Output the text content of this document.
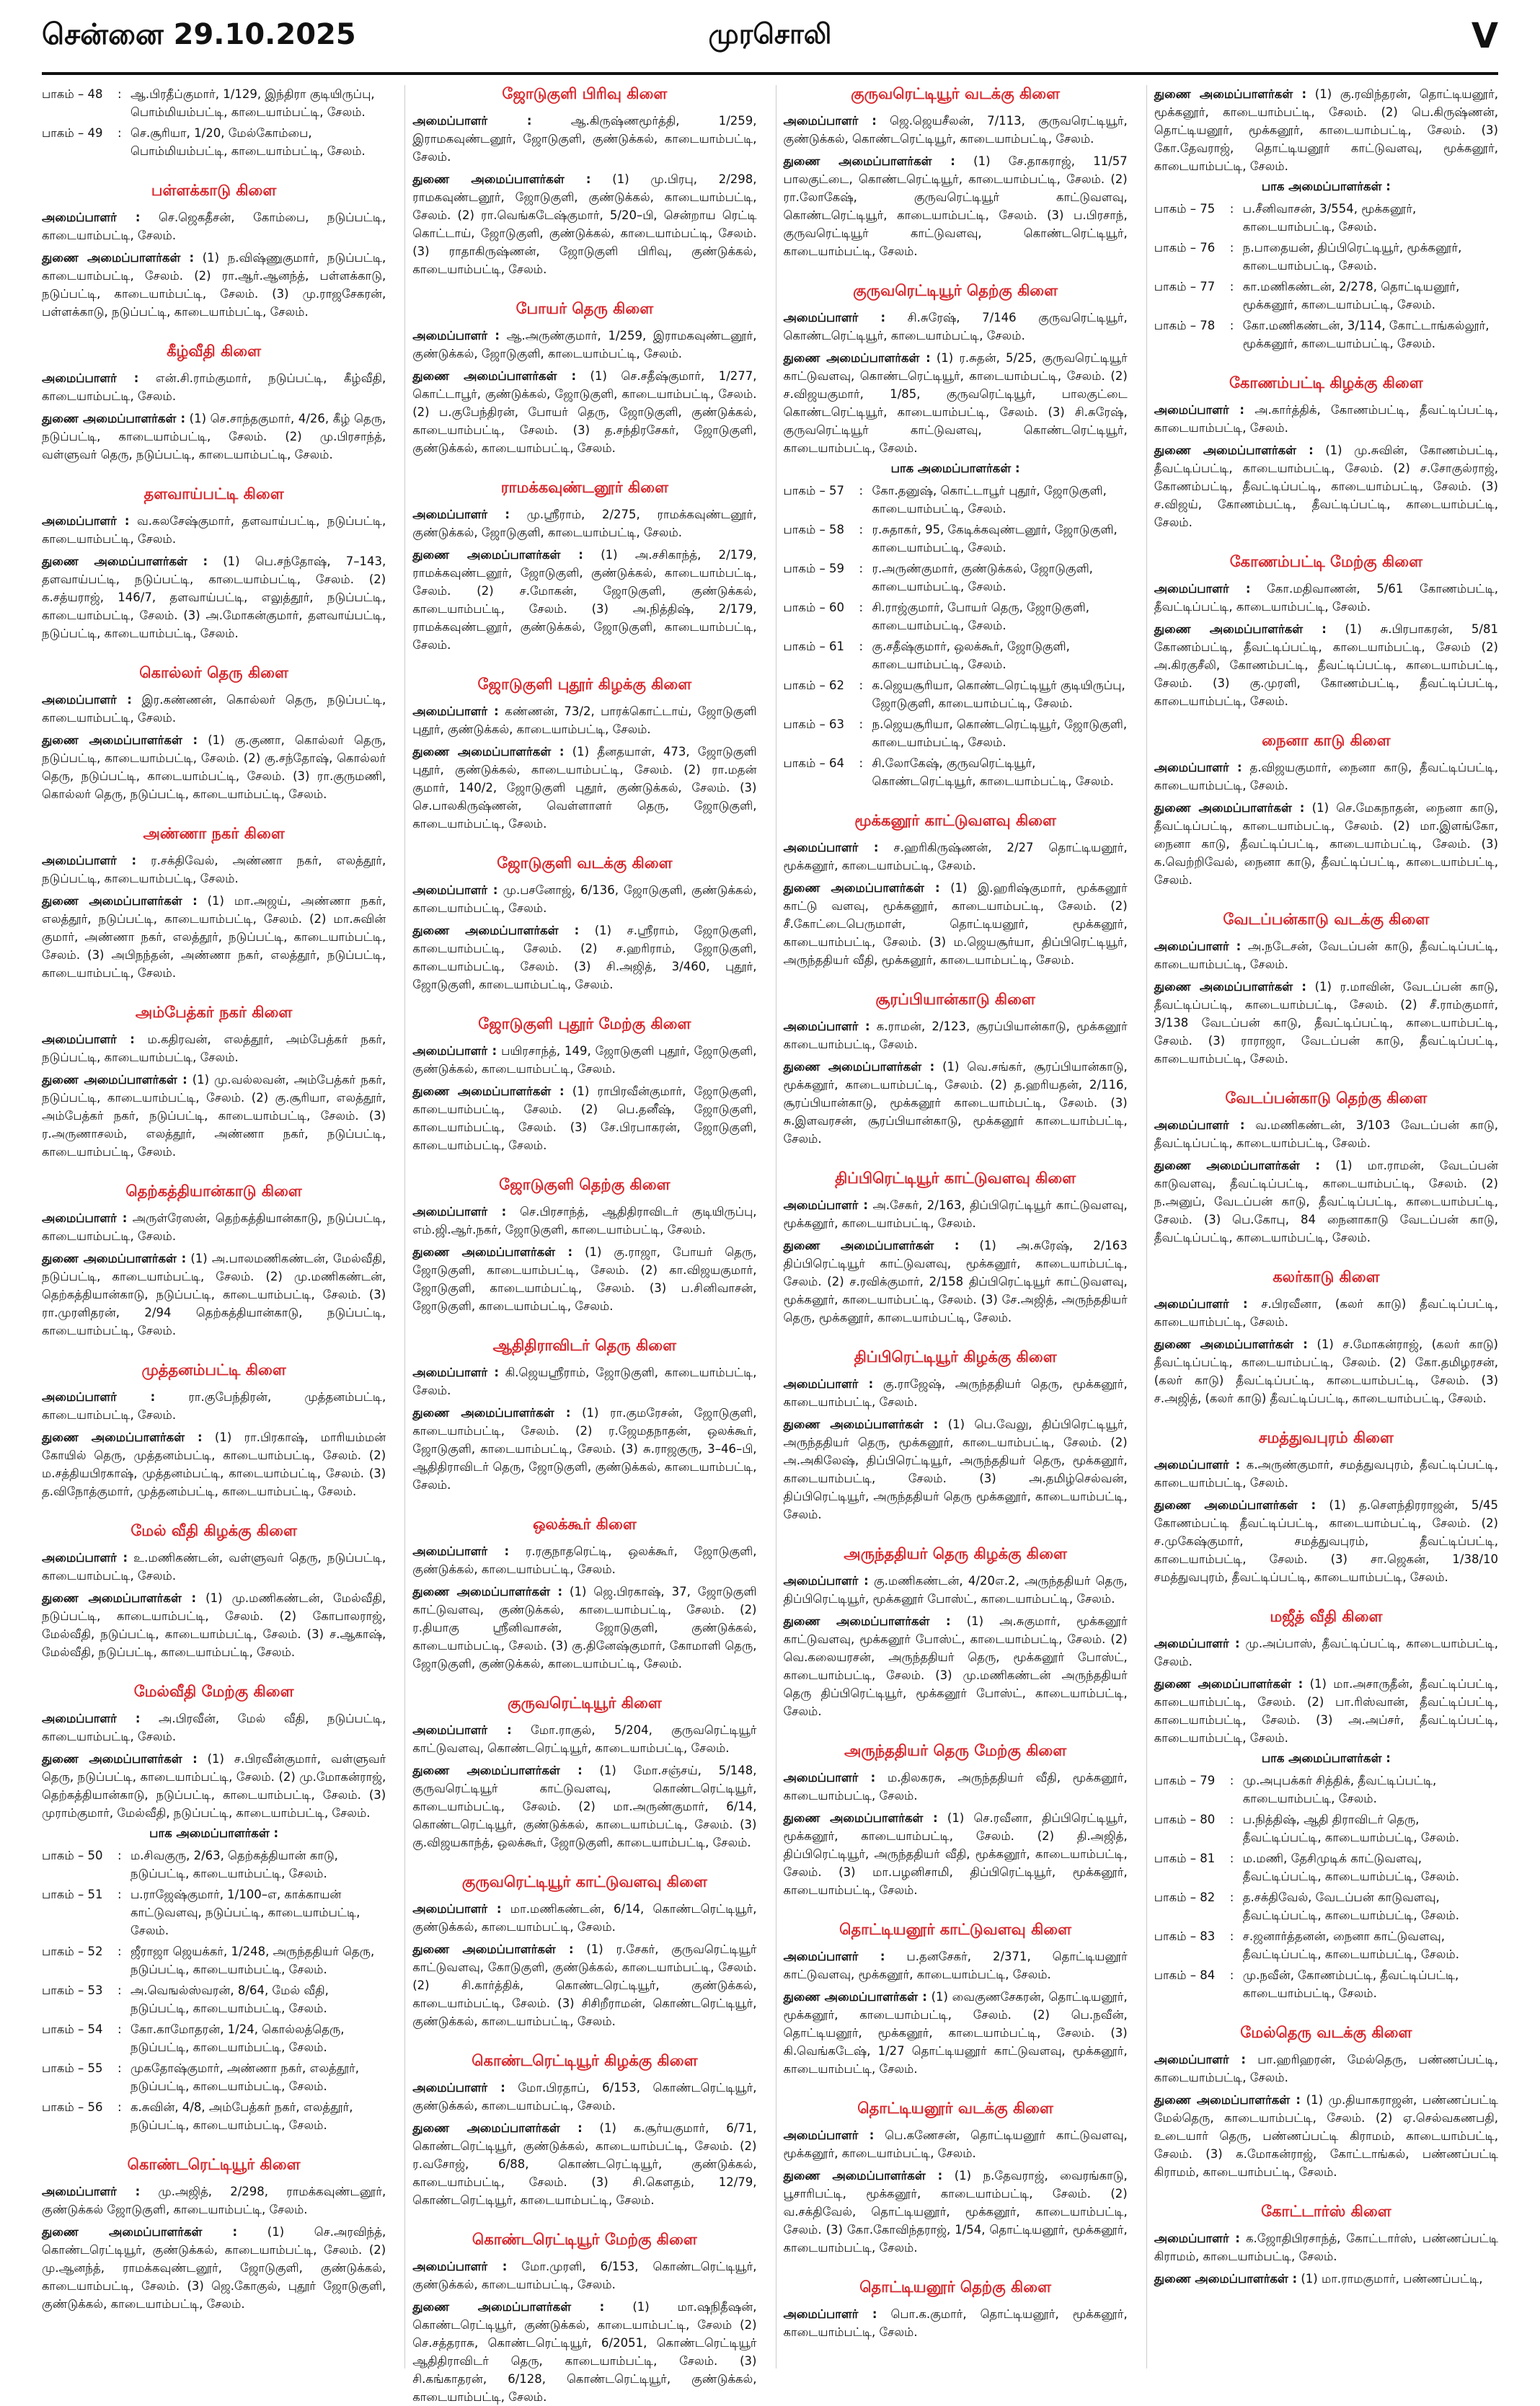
சென்னை 29.10.2025	முரசொலி	V
பாகம் – 48	: ஆ.பிரதீப்குமார், 1/129, இந்திரா குடியிருப்பு, பொம்மியம்பட்டி, காடையாம்பட்டி, சேலம்.
பாகம் – 49	: செ.சூரியா, 1/20, மேல்கோம்பை, பொம்மியம்பட்டி, காடையாம்பட்டி, சேலம்.
பள்ளக்காடு கிளை
அமைப்பாளர் : செ.ஜெகதீசன், கோம்பை, நடுப்பட்டி, காடையாம்பட்டி, சேலம்.
துணை அமைப்பாளர்கள் : (1) ந.விஷ்ணுகுமார், நடுப்பட்டி, காடையாம்பட்டி, சேலம். (2) ரா.ஆர்.ஆனந்த், பள்ளக்காடு, நடுப்பட்டி, காடையாம்பட்டி, சேலம். (3) மு.ராஜசேகரன், பள்ளக்காடு, நடுப்பட்டி, காடையாம்பட்டி, சேலம்.
கீழ்வீதி கிளை
அமைப்பாளர் : என்.சி.ராம்குமார், நடுப்பட்டி, கீழ்வீதி, காடையாம்பட்டி, சேலம்.
துணை அமைப்பாளர்கள் : (1) செ.சாந்தகுமார், 4/26, கீழ் தெரு, நடுப்பட்டி, காடையாம்பட்டி, சேலம். (2) மு.பிரசாந்த், வள்ளுவர் தெரு, நடுப்பட்டி, காடையாம்பட்டி, சேலம்.
தளவாய்பட்டி கிளை
அமைப்பாளர் : வ.கலசேஷ்குமார், தளவாய்பட்டி, நடுப்பட்டி, காடையாம்பட்டி, சேலம்.
துணை அமைப்பாளர்கள் : (1) பெ.சந்தோஷ், 7–143, தளவாய்பட்டி, நடுப்பட்டி, காடையாம்பட்டி, சேலம். (2) க.சத்யராஜ், 146/7, தளவாய்பட்டி, எலுத்தூர், நடுப்பட்டி, காடையாம்பட்டி, சேலம். (3) அ.மோகன்குமார், தளவாய்பட்டி, நடுப்பட்டி, காடையாம்பட்டி, சேலம்.
கொல்லர் தெரு கிளை
அமைப்பாளர் : இர.கண்ணன், கொல்லர் தெரு, நடுப்பட்டி, காடையாம்பட்டி, சேலம்.
துணை அமைப்பாளர்கள் : (1) கு.குணா, கொல்லர் தெரு, நடுப்பட்டி, காடையாம்பட்டி, சேலம். (2) கு.சந்தோஷ், கொல்லர் தெரு, நடுப்பட்டி, காடையாம்பட்டி, சேலம். (3) ரா.குருமணி, கொல்லர் தெரு, நடுப்பட்டி, காடையாம்பட்டி, சேலம்.
அண்ணா நகர் கிளை
அமைப்பாளர் : ர.சக்திவேல், அண்ணா நகர், எலத்தூர், நடுப்பட்டி, காடையாம்பட்டி, சேலம்.
துணை அமைப்பாளர்கள் : (1) மா.அஜய், அண்ணா நகர், எலத்தூர், நடுப்பட்டி, காடையாம்பட்டி, சேலம். (2) மா.சுவின் குமார், அண்ணா நகர், எலத்தூர், நடுப்பட்டி, காடையாம்பட்டி, சேலம். (3) அபிநந்தன், அண்ணா நகர், எலத்தூர், நடுப்பட்டி, காடையாம்பட்டி, சேலம்.
அம்பேத்கர் நகர் கிளை
அமைப்பாளர் : ம.கதிரவன், எலத்தூர், அம்பேத்கர் நகர், நடுப்பட்டி, காடையாம்பட்டி, சேலம்.
துணை அமைப்பாளர்கள் : (1) மு.வல்லவன், அம்பேத்கர் நகர், நடுப்பட்டி, காடையாம்பட்டி, சேலம். (2) கு.சூரியா, எலத்தூர், அம்பேத்கர் நகர், நடுப்பட்டி, காடையாம்பட்டி, சேலம். (3) ர.அருணாசலம், எலத்தூர், அண்ணா நகர், நடுப்பட்டி, காடையாம்பட்டி, சேலம்.
தெற்கத்தியான்காடு கிளை
அமைப்பாளர் : அருள்ரேஸன், தெற்கத்தியான்காடு, நடுப்பட்டி, காடையாம்பட்டி, சேலம்.
துணை அமைப்பாளர்கள் : (1) அ.பாலமணிகண்டன், மேல்வீதி, நடுப்பட்டி, காடையாம்பட்டி, சேலம். (2) மு.மணிகண்டன், தெற்கத்தியான்காடு, நடுப்பட்டி, காடையாம்பட்டி, சேலம். (3) ரா.முரளிதரன், 2/94 தெற்கத்தியான்காடு, நடுப்பட்டி, காடையாம்பட்டி, சேலம்.
முத்தனம்பட்டி கிளை
அமைப்பாளர் :	ரா.குபேந்திரன், முத்தனம்பட்டி, காடையாம்பட்டி, சேலம்.
துணை அமைப்பாளர்கள் : (1) ரா.பிரகாஷ், மாரியம்மன் கோயில் தெரு, முத்தனம்பட்டி, காடையாம்பட்டி, சேலம். (2) ம.சத்தியபிரகாஷ், முத்தனம்பட்டி, காடையாம்பட்டி, சேலம். (3) த.விநோத்குமார், முத்தனம்பட்டி, காடையாம்பட்டி, சேலம்.
மேல் வீதி கிழக்கு கிளை
அமைப்பாளர் : உ.மணிகண்டன், வள்ளுவர் தெரு, நடுப்பட்டி, காடையாம்பட்டி, சேலம்.
துணை அமைப்பாளர்கள் : (1) மு.மணிகண்டன், மேல்வீதி, நடுப்பட்டி, காடையாம்பட்டி, சேலம். (2) கோபாலராஜ், மேல்வீதி, நடுப்பட்டி, காடையாம்பட்டி, சேலம். (3) ச.ஆகாஷ், மேல்வீதி, நடுப்பட்டி, காடையாம்பட்டி, சேலம்.
மேல்வீதி மேற்கு கிளை
அமைப்பாளர் : அ.பிரவீன், மேல் வீதி, நடுப்பட்டி, காடையாம்பட்டி, சேலம்.
துணை அமைப்பாளர்கள் : (1) ச.பிரவீன்குமார், வள்ளுவர் தெரு, நடுப்பட்டி, காடையாம்பட்டி, சேலம். (2) மு.மோகன்ராஜ், தெற்கத்தியான்காடு, நடுப்பட்டி, காடையாம்பட்டி, சேலம். (3) முராம்குமார், மேல்வீதி, நடுப்பட்டி, காடையாம்பட்டி, சேலம்.
பாக அமைப்பாளர்கள் :
பாகம் – 50	: ம.சிவகுரு, 2/63, தெற்கத்தியான் காடு, நடுப்பட்டி, காடையாம்பட்டி, சேலம்.
பாகம் – 51	: ப.ராஜேஷ்குமார், 1/100–எ, காக்காயன் காட்டுவளவு, நடுப்பட்டி, காடையாம்பட்டி, சேலம்.
பாகம் – 52	: ஜீராஜா ஜெயக்கர், 1/248, அருந்ததியர் தெரு, நடுப்பட்டி, காடையாம்பட்டி, சேலம்.
பாகம் – 53	: அ.வெஙல்ஸ்வரன், 8/64, மேல் வீதி, நடுப்பட்டி, காடையாம்பட்டி, சேலம்.
பாகம் – 54	: கோ.காமோதரன், 1/24, கொல்லத்தெரு, நடுப்பட்டி, காடையாம்பட்டி, சேலம்.
பாகம் – 55	: முகதோஷ்குமார், அண்ணா நகர், எலத்தூர், நடுப்பட்டி, காடையாம்பட்டி, சேலம்.
பாகம் – 56	: க.சுவின், 4/8, அம்பேத்கர் நகர், எலத்தூர், நடுப்பட்டி, காடையாம்பட்டி, சேலம்.
கொண்டரெட்டியூர் கிளை
அமைப்பாளர் : மு.அஜித், 2/298, ராமக்கவுண்டனூர், குண்டுக்கல் ஜோடுகுளி, காடையாம்பட்டி, சேலம்.
துணை அமைப்பாளர்கள் :	(1) செ.அரவிந்த், கொண்டரெட்டியூர், குண்டுக்கல், காடையாம்பட்டி, சேலம். (2) மு.ஆனந்த், ராமக்கவுண்டனூர், ஜோடுகுளி, குண்டுக்கல், காடையாம்பட்டி, சேலம். (3) ஜெ.கோகுல், புதூர் ஜோடுகுளி, குண்டுக்கல், காடையாம்பட்டி, சேலம்.
ஜோடுகுளி பிரிவு கிளை
அமைப்பாளர் :	ஆ.கிருஷ்ணமூர்த்தி, 1/259, இராமகவுண்டனூர், ஜோடுகுளி, குண்டுக்கல், காடையாம்பட்டி, சேலம்.
துணை அமைப்பாளர்கள் : (1) மு.பிரபு, 2/298, ராமகவுண்டனூர், ஜோடுகுளி, குண்டுக்கல், காடையாம்பட்டி, சேலம். (2) ரா.வெங்கடேஷ்குமார், 5/20–பி, சென்றாய ரெட்டி கொட்டாய், ஜோடுகுளி, குண்டுக்கல், காடையாம்பட்டி, சேலம். (3) ராதாகிருஷ்ணன், ஜோடுகுளி பிரிவு, குண்டுக்கல், காடையாம்பட்டி, சேலம்.
போயர் தெரு கிளை
அமைப்பாளர் : ஆ.அருண்குமார், 1/259, இராமகவுண்டனூர், குண்டுக்கல், ஜோடுகுளி, காடையாம்பட்டி, சேலம்.
துணை அமைப்பாளர்கள் : (1) செ.சதீஷ்குமார், 1/277, கொட்டாபூர், குண்டுக்கல், ஜோடுகுளி, காடையாம்பட்டி, சேலம். (2) ப.குபேந்திரன், போயர் தெரு, ஜோடுகுளி, குண்டுக்கல், காடையாம்பட்டி, சேலம். (3) த.சந்திரசேகர், ஜோடுகுளி, குண்டுக்கல், காடையாம்பட்டி, சேலம்.
ராமக்கவுண்டனூர் கிளை
அமைப்பாளர் : மு.ஸ்ரீராம், 2/275, ராமக்கவுண்டனூர், குண்டுக்கல், ஜோடுகுளி, காடையாம்பட்டி, சேலம்.
துணை அமைப்பாளர்கள் : (1) அ.சசிகாந்த், 2/179, ராமக்கவுண்டனூர், ஜோடுகுளி, குண்டுக்கல், காடையாம்பட்டி, சேலம். (2) ச.மோகன், ஜோடுகுளி, குண்டுக்கல், காடையாம்பட்டி, சேலம். (3) அ.நித்திஷ், 2/179, ராமக்கவுண்டனூர், குண்டுக்கல், ஜோடுகுளி, காடையாம்பட்டி, சேலம்.
ஜோடுகுளி புதூர் கிழக்கு கிளை
அமைப்பாளர் : கண்ணன், 73/2, பாரக்கொட்டாய், ஜோடுகுளி புதூர், குண்டுக்கல், காடையாம்பட்டி, சேலம்.
துணை அமைப்பாளர்கள் : (1) தீனதயாள், 473, ஜோடுகுளி புதூர், குண்டுக்கல், காடையாம்பட்டி, சேலம். (2) ரா.மதன் குமார், 140/2, ஜோடுகுளி புதூர், குண்டுக்கல், சேலம். (3) செ.பாலகிருஷ்ணன், வெள்ளாளர் தெரு, ஜோடுகுளி, காடையாம்பட்டி, சேலம்.
ஜோடுகுளி வடக்கு கிளை
அமைப்பாளர் : மு.பசனோஜ், 6/136, ஜோடுகுளி, குண்டுக்கல், காடையாம்பட்டி, சேலம்.
துணை அமைப்பாளர்கள் : (1) ச.ஸ்ரீராம், ஜோடுகுளி, காடையாம்பட்டி, சேலம். (2) ச.ஹரிராம், ஜோடுகுளி, காடையாம்பட்டி, சேலம். (3) சி.அஜித், 3/460, புதூர், ஜோடுகுளி, காடையாம்பட்டி, சேலம்.
ஜோடுகுளி புதூர் மேற்கு கிளை
அமைப்பாளர் : பயிரசாந்த், 149, ஜோடுகுளி புதூர், ஜோடுகுளி, குண்டுக்கல், காடையாம்பட்டி, சேலம்.
துணை அமைப்பாளர்கள் : (1) ராபிரவீன்குமார், ஜோடுகுளி, காடையாம்பட்டி, சேலம். (2) பெ.தனீஷ், ஜோடுகுளி, காடையாம்பட்டி, சேலம். (3) சே.பிரபாகரன், ஜோடுகுளி, காடையாம்பட்டி, சேலம்.
ஜோடுகுளி தெற்கு கிளை
அமைப்பாளர் : செ.பிரசாந்த், ஆதிதிராவிடர் குடியிருப்பு, எம்.ஜி.ஆர்.நகர், ஜோடுகுளி, காடையாம்பட்டி, சேலம்.
துணை அமைப்பாளர்கள் : (1) கு.ராஜா, போயர் தெரு, ஜோடுகுளி, காடையாம்பட்டி, சேலம். (2) கா.விஜயகுமார், ஜோடுகுளி, காடையாம்பட்டி, சேலம். (3) ப.சினிவாசன், ஜோடுகுளி, காடையாம்பட்டி, சேலம்.
ஆதிதிராவிடர் தெரு கிளை
அமைப்பாளர் : கி.ஜெயஸ்ரீராம், ஜோடுகுளி, காடையாம்பட்டி, சேலம்.
துணை அமைப்பாளர்கள் : (1) ரா.குமரேசன், ஜோடுகுளி, காடையாம்பட்டி, சேலம். (2) ர.ஜேமதநாதன், ஒலக்கூர், ஜோடுகுளி, காடையாம்பட்டி, சேலம். (3) சு.ராஜகுரு, 3–46–பி, ஆதிதிராவிடர் தெரு, ஜோடுகுளி, குண்டுக்கல், காடையாம்பட்டி, சேலம்.
ஒலக்கூர் கிளை
அமைப்பாளர் : ர.ரகுநாதரெட்டி, ஒலக்கூர், ஜோடுகுளி, குண்டுக்கல், காடையாம்பட்டி, சேலம்.
துணை அமைப்பாளர்கள் : (1) ஜெ.பிரகாஷ், 37, ஜோடுகுளி காட்டுவளவு, குண்டுக்கல், காடையாம்பட்டி, சேலம். (2) ர.தியாகு ஸ்ரீனிவாசன், ஜோடுகுளி, குண்டுக்கல், காடையாம்பட்டி, சேலம். (3) கு.தினேஷ்குமார், கோமாளி தெரு, ஜோடுகுளி, குண்டுக்கல், காடையாம்பட்டி, சேலம்.
குருவரெட்டியூர் கிளை
அமைப்பாளர் : மோ.ராகுல், 5/204, குருவரெட்டியூர் காட்டுவளவு, கொண்டரெட்டியூர், காடையாம்பட்டி, சேலம்.
துணை அமைப்பாளர்கள் : (1) மோ.சஞ்சய், 5/148, குருவரெட்டியூர் காட்டுவளவு, கொண்டரெட்டியூர், காடையாம்பட்டி, சேலம். (2) மா.அருண்குமார், 6/14, கொண்டரெட்டியூர், குண்டுக்கல், காடையாம்பட்டி, சேலம். (3) கு.விஜயகாந்த், ஒலக்கூர், ஜோடுகுளி, காடையாம்பட்டி, சேலம்.
குருவரெட்டியூர் காட்டுவளவு கிளை
அமைப்பாளர் : மா.மணிகண்டன், 6/14, கொண்டரெட்டியூர், குண்டுக்கல், காடையாம்பட்டி, சேலம்.
துணை அமைப்பாளர்கள் : (1) ர.சேகர், குருவரெட்டியூர் காட்டுவளவு, கோடுகுளி, குண்டுக்கல், காடையாம்பட்டி, சேலம். (2) சி.கார்த்திக், கொண்டரெட்டியூர், குண்டுக்கல், காடையாம்பட்டி, சேலம். (3) சிசிறீராமன், கொண்டரெட்டியூர், குண்டுக்கல், காடையாம்பட்டி, சேலம்.
கொண்டரெட்டியூர் கிழக்கு கிளை
அமைப்பாளர் : மோ.பிரதாப், 6/153, கொண்டரெட்டியூர், குண்டுக்கல், காடையாம்பட்டி, சேலம்.
துணை அமைப்பாளர்கள் : (1) க.சூர்யகுமார், 6/71, கொண்டரெட்டியூர், குண்டுக்கல், காடையாம்பட்டி, சேலம். (2) ர.வசோஜ், 6/88, கொண்டரெட்டியூர், குண்டுக்கல், காடையாம்பட்டி, சேலம். (3) சி.கௌதம், 12/79, கொண்டரெட்டியூர், காடையாம்பட்டி, சேலம்.
கொண்டரெட்டியூர் மேற்கு கிளை
அமைப்பாளர் : மோ.முரளி, 6/153, கொண்டரெட்டியூர், குண்டுக்கல், காடையாம்பட்டி, சேலம்.
துணை அமைப்பாளர்கள் : (1) மா.ஷநிதீஷன், கொண்டரெட்டியூர், குண்டுக்கல், காடையாம்பட்டி, சேலம் (2) செ.சத்தராசு, கொண்டரெட்டியூர், 6/2051, கொண்டரெட்டியூர் ஆதிதிராவிடர் தெரு, காடையாம்பட்டி, சேலம். (3) சி.கங்காதரன், 6/128, கொண்டரெட்டியூர், குண்டுக்கல், காடையாம்பட்டி, சேலம்.
குருவரெட்டியூர் வடக்கு கிளை
அமைப்பாளர் : ஜெ.ஜெயசீலன், 7/113, குருவரெட்டியூர், குண்டுக்கல், கொண்டரெட்டியூர், காடையாம்பட்டி, சேலம்.
துணை அமைப்பாளர்கள் : (1) சே.தாகராஜ், 11/57 பாலகுட்டை, கொண்டரெட்டியூர், காடையாம்பட்டி, சேலம். (2) ரா.லோகேஷ், குருவரெட்டியூர் காட்டுவளவு, கொண்டரெட்டியூர், காடையாம்பட்டி, சேலம். (3) ப.பிரசாந், குருவரெட்டியூர் காட்டுவளவு, கொண்டரெட்டியூர், காடையாம்பட்டி, சேலம்.
குருவரெட்டியூர் தெற்கு கிளை
அமைப்பாளர் : சி.சுரேஷ், 7/146 குருவரெட்டியூர், கொண்டரெட்டியூர், காடையாம்பட்டி, சேலம்.
துணை அமைப்பாளர்கள் : (1) ர.சுதன், 5/25, குருவரெட்டியூர் காட்டுவளவு, கொண்டரெட்டியூர், காடையாம்பட்டி, சேலம். (2) ச.விஜயகுமார், 1/85, குருவரெட்டியூர், பாலகுட்டை கொண்டரெட்டியூர், காடையாம்பட்டி, சேலம். (3) சி.சுரேஷ், குருவரெட்டியூர் காட்டுவளவு, கொண்டரெட்டியூர், காடையாம்பட்டி, சேலம்.
பாக அமைப்பாளர்கள் :
பாகம் – 57	: கோ.தனுஷ், கொட்டாபூர் புதூர், ஜோடுகுளி, காடையாம்பட்டி, சேலம்.
பாகம் – 58	: ர.சுதாகர், 95, கேடிக்கவுண்டனூர், ஜோடுகுளி, காடையாம்பட்டி, சேலம்.
பாகம் – 59	: ர.அருண்குமார், குண்டுக்கல், ஜோடுகுளி, காடையாம்பட்டி, சேலம்.
பாகம் – 60	: சி.ராஜ்குமார், போயர் தெரு, ஜோடுகுளி, காடையாம்பட்டி, சேலம்.
பாகம் – 61	: கு.சதீஷ்குமார், ஒலக்கூர், ஜோடுகுளி, காடையாம்பட்டி, சேலம்.
பாகம் – 62	: க.ஜெயசூரியா, கொண்டரெட்டியூர் குடியிருப்பு, ஜோடுகுளி, காடையாம்பட்டி, சேலம்.
பாகம் – 63	: ந.ஜெயசூரியா, கொண்டரெட்டியூர், ஜோடுகுளி, காடையாம்பட்டி, சேலம்.
பாகம் – 64	: சி.லோகேஷ், குருவரெட்டியூர், கொண்டரெட்டியூர், காடையாம்பட்டி, சேலம்.
மூக்கனூர் காட்டுவளவு கிளை
அமைப்பாளர் : ச.ஹரிகிருஷ்ணன், 2/27 தொட்டியனூர், மூக்கனூர், காடையாம்பட்டி, சேலம்.
துணை அமைப்பாளர்கள் : (1) இ.ஹரிஷ்குமார், மூக்கனூர் காட்டு வளவு, மூக்கனூர், காடையாம்பட்டி, சேலம். (2) சீ.கோட்டைபெருமாள், தொட்டியனூர், மூக்கனூர், காடையாம்பட்டி, சேலம். (3) ம.ஜெயசூர்யா, திப்பிரெட்டியூர், அருந்ததியர் வீதி, மூக்கனூர், காடையாம்பட்டி, சேலம்.
சூரப்பியான்காடு கிளை
அமைப்பாளர் : க.ராமன், 2/123, சூரப்பியான்காடு, மூக்கனூர் காடையாம்பட்டி, சேலம்.
துணை அமைப்பாளர்கள் : (1) வெ.சங்கர், சூரப்பியான்காடு, மூக்கனூர், காடையாம்பட்டி, சேலம். (2) த.ஹரியதன், 2/116, சூரப்பியான்காடு, மூக்கனூர் காடையாம்பட்டி, சேலம். (3) சு.இளவரசன், சூரப்பியான்காடு, மூக்கனூர் காடையாம்பட்டி, சேலம்.
திப்பிரெட்டியூர் காட்டுவளவு கிளை
அமைப்பாளர் : அ.சேகர், 2/163, திப்பிரெட்டியூர் காட்டுவளவு, மூக்கனூர், காடையாம்பட்டி, சேலம்.
துணை அமைப்பாளர்கள் : (1) அ.சுரேஷ், 2/163 திப்பிரெட்டியூர் காட்டுவளவு, மூக்கனூர், காடையாம்பட்டி, சேலம். (2) ச.ரவிக்குமார், 2/158 திப்பிரெட்டியூர் காட்டுவளவு, மூக்கனூர், காடையாம்பட்டி, சேலம். (3) சே.அஜித், அருந்ததியர் தெரு, மூக்கனூர், காடையாம்பட்டி, சேலம்.
திப்பிரெட்டியூர் கிழக்கு கிளை
அமைப்பாளர் : கு.ராஜேஷ், அருந்ததியர் தெரு, மூக்கனூர், காடையாம்பட்டி, சேலம்.
துணை அமைப்பாளர்கள் : (1) பெ.வேலு, திப்பிரெட்டியூர், அருந்ததியர் தெரு, மூக்கனூர், காடையாம்பட்டி, சேலம். (2) அ.அகிலேஷ், திப்பிரெட்டியூர், அருந்ததியர் தெரு, மூக்கனூர், காடையாம்பட்டி, சேலம். (3) அ.தமிழ்செல்வன், திப்பிரெட்டியூர், அருந்ததியர் தெரு மூக்கனூர், காடையாம்பட்டி, சேலம்.
அருந்ததியர் தெரு கிழக்கு கிளை
அமைப்பாளர் : கு.மணிகண்டன், 4/20எ.2, அருந்ததியர் தெரு, திப்பிரெட்டியூர், மூக்கனூர் போஸ்ட், காடையாம்பட்டி, சேலம்.
துணை அமைப்பாளர்கள் : (1) அ.சுகுமார், மூக்கனூர் காட்டுவளவு, மூக்கனூர் போஸ்ட், காடையாம்பட்டி, சேலம். (2) வெ.கலையரசன், அருந்ததியர் தெரு, மூக்கனூர் போஸ்ட், காடையாம்பட்டி, சேலம். (3) மு.மணிகண்டன் அருந்ததியர் தெரு திப்பிரெட்டியூர், மூக்கனூர் போஸ்ட், காடையாம்பட்டி, சேலம்.
அருந்ததியர் தெரு மேற்கு கிளை
அமைப்பாளர் : ம.திலகரசு, அருந்ததியர் வீதி, மூக்கனூர், காடையாம்பட்டி, சேலம்.
துணை அமைப்பாளர்கள் : (1) செ.ரவீனா, திப்பிரெட்டியூர், மூக்கனூர், காடையாம்பட்டி, சேலம். (2) தி.அஜித், திப்பிரெட்டியூர், அருந்ததியர் வீதி, மூக்கனூர், காடையாம்பட்டி, சேலம். (3) மா.பழனிசாமி, திப்பிரெட்டியூர், மூக்கனூர், காடையாம்பட்டி, சேலம்.
தொட்டியனூர் காட்டுவளவு கிளை
அமைப்பாளர் : ப.தனசேகர், 2/371, தொட்டியனூர் காட்டுவளவு, மூக்கனூர், காடையாம்பட்டி, சேலம்.
துணை அமைப்பாளர்கள் : (1) வைகுணசேகரன், தொட்டியனூர், மூக்கனூர், காடையாம்பட்டி, சேலம். (2) பெ.நவீன், தொட்டியனூர், மூக்கனூர், காடையாம்பட்டி, சேலம். (3) கி.வெங்கடேஷ், 1/27 தொட்டியனூர் காட்டுவளவு, மூக்கனூர், காடையாம்பட்டி, சேலம்.
தொட்டியனூர் வடக்கு கிளை
அமைப்பாளர் : பெ.கணேசன், தொட்டியனூர் காட்டுவளவு, மூக்கனூர், காடையாம்பட்டி, சேலம்.
துணை அமைப்பாளர்கள் : (1) ந.தேவராஜ், வைரங்காடு, பூசாரிபட்டி, மூக்கனூர், காடையாம்பட்டி, சேலம். (2) வ.சக்திவேல், தொட்டியனூர், மூக்கனூர், காடையாம்பட்டி, சேலம். (3) கோ.கோவிந்தராஜ், 1/54, தொட்டியனூர், மூக்கனூர், காடையாம்பட்டி, சேலம்.
தொட்டியனூர் தெற்கு கிளை
அமைப்பாளர் : பொ.க.குமார், தொட்டியனூர், மூக்கனூர், காடையாம்பட்டி, சேலம்.
துணை அமைப்பாளர்கள் : (1) கு.ரவிந்தரன், தொட்டியனூர், மூக்கனூர், காடையாம்பட்டி, சேலம். (2) பெ.கிருஷ்ணன், தொட்டியனூர், மூக்கனூர், காடையாம்பட்டி, சேலம். (3) கோ.தேவராஜ், தொட்டியனூர் காட்டுவளவு, மூக்கனூர், காடையாம்பட்டி, சேலம்.
பாக அமைப்பாளர்கள் :
பாகம் – 75	: ப.சீனிவாசன், 3/554, மூக்கனூர், காடையாம்பட்டி, சேலம்.
பாகம் – 76	: ந.பாதையன், திப்பிரெட்டியூர், மூக்கனூர், காடையாம்பட்டி, சேலம்.
பாகம் – 77	: கா.மணிகண்டன், 2/278, தொட்டியனூர், மூக்கனூர், காடையாம்பட்டி, சேலம்.
பாகம் – 78	: கோ.மணிகண்டன், 3/114, கோட்டாங்கல்லூர், மூக்கனூர், காடையாம்பட்டி, சேலம்.
கோணம்பட்டி கிழக்கு கிளை
அமைப்பாளர் : அ.கார்த்திக், கோணம்பட்டி, தீவட்டிப்பட்டி, காடையாம்பட்டி, சேலம்.
துணை அமைப்பாளர்கள் : (1) மு.சுவின், கோணம்பட்டி, தீவட்டிப்பட்டி, காடையாம்பட்டி, சேலம். (2) ச.சோகுல்ராஜ், கோணம்பட்டி, தீவட்டிப்பட்டி, காடையாம்பட்டி, சேலம். (3) ச.விஜய், கோணம்பட்டி, தீவட்டிப்பட்டி, காடையாம்பட்டி, சேலம்.
கோணம்பட்டி மேற்கு கிளை
அமைப்பாளர் : கோ.மதிவாணன், 5/61 கோணம்பட்டி, தீவட்டிப்பட்டி, காடையாம்பட்டி, சேலம்.
துணை அமைப்பாளர்கள் : (1) சு.பிரபாகரன், 5/81 கோணம்பட்டி, தீவட்டிப்பட்டி, காடையாம்பட்டி, சேலம் (2) அ.கிரகுசீலி, கோணம்பட்டி, தீவட்டிப்பட்டி, காடையாம்பட்டி, சேலம். (3) கு.முரளி, கோணம்பட்டி, தீவட்டிப்பட்டி, காடையாம்பட்டி, சேலம்.
நைனா காடு கிளை
அமைப்பாளர் : த.விஜயகுமார், நைனா காடு, தீவட்டிப்பட்டி, காடையாம்பட்டி, சேலம்.
துணை அமைப்பாளர்கள் : (1) செ.மேகநாதன், நைனா காடு, தீவட்டிப்பட்டி, காடையாம்பட்டி, சேலம். (2) மா.இளங்கோ, நைனா காடு, தீவட்டிப்பட்டி, காடையாம்பட்டி, சேலம். (3) க.வெற்றிவேல், நைனா காடு, தீவட்டிப்பட்டி, காடையாம்பட்டி, சேலம்.
வேடப்பன்காடு வடக்கு கிளை
அமைப்பாளர் : அ.நடேசன், வேடப்பன் காடு, தீவட்டிப்பட்டி, காடையாம்பட்டி, சேலம்.
துணை அமைப்பாளர்கள் : (1) ர.மாவின், வேடப்பன் காடு, தீவட்டிப்பட்டி, காடையாம்பட்டி, சேலம். (2) சீ.ராம்குமார், 3/138 வேடப்பன் காடு, தீவட்டிப்பட்டி, காடையாம்பட்டி, சேலம். (3) ராராஜா, வேடப்பன் காடு, தீவட்டிப்பட்டி, காடையாம்பட்டி, சேலம்.
வேடப்பன்காடு தெற்கு கிளை
அமைப்பாளர் : வ.மணிகண்டன், 3/103 வேடப்பன் காடு, தீவட்டிப்பட்டி, காடையாம்பட்டி, சேலம்.
துணை அமைப்பாளர்கள் : (1) மா.ராமன், வேடப்பன் காடுவளவு, தீவட்டிப்பட்டி, காடையாம்பட்டி, சேலம். (2) ந.அனுப், வேடப்பன் காடு, தீவட்டிப்பட்டி, காடையாம்பட்டி, சேலம். (3) பெ.கோபு, 84 நைனாகாடு வேடப்பன் காடு, தீவட்டிப்பட்டி, காடையாம்பட்டி, சேலம்.
கலர்காடு கிளை
அமைப்பாளர் : ச.பிரவீனா, (கலர் காடு) தீவட்டிப்பட்டி, காடையாம்பட்டி, சேலம்.
துணை அமைப்பாளர்கள் : (1) ச.மோகன்ராஜ், (கலர் காடு) தீவட்டிப்பட்டி, காடையாம்பட்டி, சேலம். (2) கோ.தமிழரசன், (கலர் காடு) தீவட்டிப்பட்டி, காடையாம்பட்டி, சேலம். (3) ச.அஜித், (கலர் காடு) தீவட்டிப்பட்டி, காடையாம்பட்டி, சேலம்.
சமத்துவபுரம் கிளை
அமைப்பாளர் : க.அருண்குமார், சமத்துவபுரம், தீவட்டிப்பட்டி, காடையாம்பட்டி, சேலம்.
துணை அமைப்பாளர்கள் : (1) த.சௌந்திரராஜன், 5/45 கோணம்பட்டி தீவட்டிப்பட்டி, காடையாம்பட்டி, சேலம். (2) ச.முகேஷ்குமார், சமத்துவபுரம், தீவட்டிப்பட்டி, காடையாம்பட்டி, சேலம். (3) சா.ஜெகன், 1/38/10 சமத்துவபுரம், தீவட்டிப்பட்டி, காடையாம்பட்டி, சேலம்.
மஜீத் வீதி கிளை
அமைப்பாளர் : மு.அப்பாஸ், தீவட்டிப்பட்டி, காடையாம்பட்டி, சேலம்.
துணை அமைப்பாளர்கள் : (1) மா.அசாருதீன், தீவட்டிப்பட்டி, காடையாம்பட்டி, சேலம். (2) பா.ரிஸ்வான், தீவட்டிப்பட்டி, காடையாம்பட்டி, சேலம். (3) அ.அப்சர், தீவட்டிப்பட்டி, காடையாம்பட்டி, சேலம்.
பாக அமைப்பாளர்கள் :
பாகம் – 79	: மு.அபுபக்கர் சித்திக், தீவட்டிப்பட்டி, காடையாம்பட்டி, சேலம்.
பாகம் – 80	: ப.நித்திஷ், ஆதி திராவிடர் தெரு, தீவட்டிப்பட்டி, காடையாம்பட்டி, சேலம்.
பாகம் – 81	: ம.மணி, தேசிமுடிக் காட்டுவளவு, தீவட்டிப்பட்டி, காடையாம்பட்டி, சேலம்.
பாகம் – 82	: த.சக்திவேல், வேடப்பன் காடுவளவு, தீவட்டிப்பட்டி, காடையாம்பட்டி, சேலம்.
பாகம் – 83	: ச.ஜனார்த்தனன், நைனா காட்டுவளவு, தீவட்டிப்பட்டி, காடையாம்பட்டி, சேலம்.
பாகம் – 84	: மு.நவீன், கோணம்பட்டி, தீவட்டிப்பட்டி, காடையாம்பட்டி, சேலம்.
மேல்தெரு வடக்கு கிளை
அமைப்பாளர் : பா.ஹரிஹரன், மேல்தெரு, பண்ணப்பட்டி, காடையாம்பட்டி, சேலம்.
துணை அமைப்பாளர்கள் : (1) மு.தியாகராஜன், பண்ணப்பட்டி மேல்தெரு, காடையாம்பட்டி, சேலம். (2) ஏ.செல்வகணபதி, உடையார் தெரு, பண்ணப்பட்டி கிராமம், காடையாம்பட்டி, சேலம். (3) க.மோகன்ராஜ், கோட்டாங்கல், பண்ணப்பட்டி கிராமம், காடையாம்பட்டி, சேலம்.
கோட்டார்ஸ் கிளை
அமைப்பாளர் : க.ஜோதிபிரசாந்த், கோட்டார்ஸ், பண்ணப்பட்டி கிராமம், காடையாம்பட்டி, சேலம்.
துணை அமைப்பாளர்கள் : (1) மா.ராமகுமார், பண்ணப்பட்டி,
